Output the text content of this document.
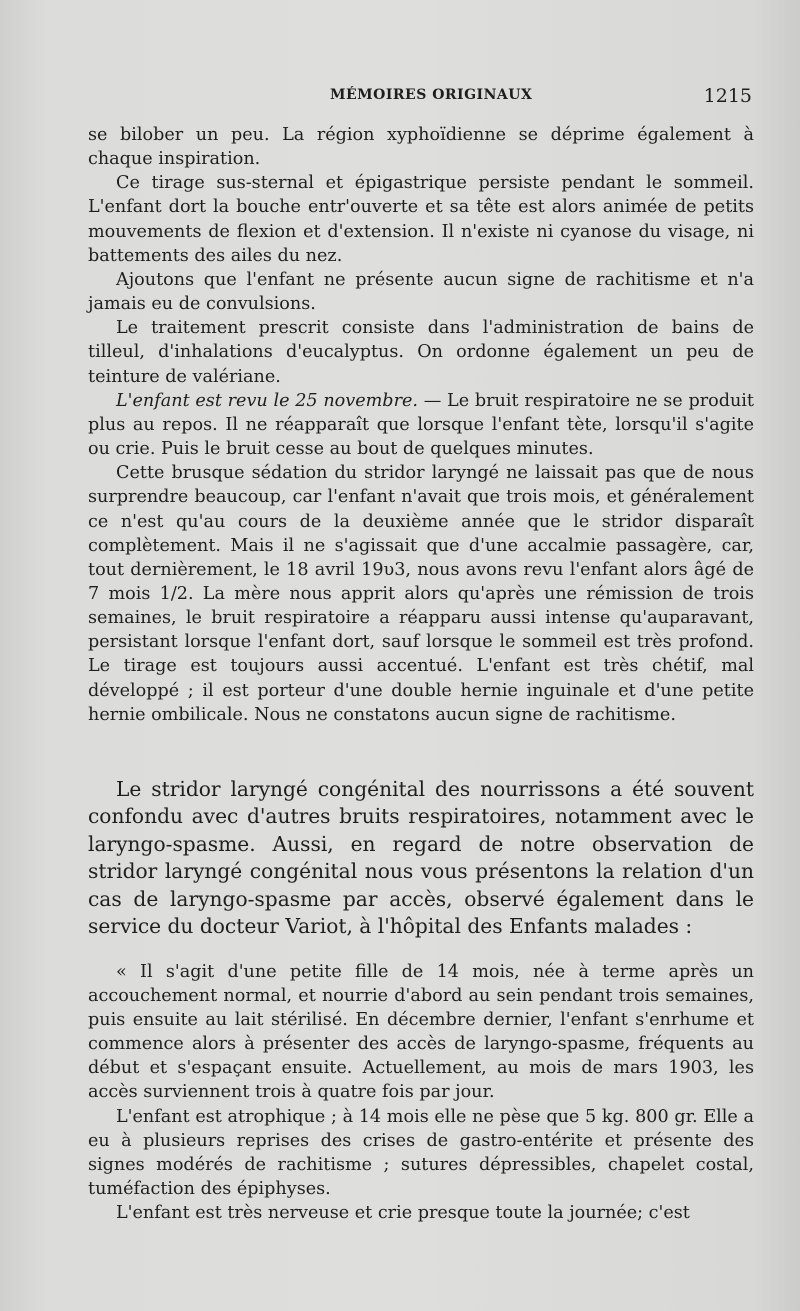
MÉMOIRES ORIGINAUX	1215

se bilober un peu. La région xyphoïdienne se déprime également à chaque inspiration.

Ce tirage sus-sternal et épigastrique persiste pendant le sommeil. L'enfant dort la bouche entr'ouverte et sa tête est alors animée de petits mouvements de flexion et d'extension. Il n'existe ni cyanose du visage, ni battements des ailes du nez.

Ajoutons que l'enfant ne présente aucun signe de rachitisme et n'a jamais eu de convulsions.

Le traitement prescrit consiste dans l'administration de bains de tilleul, d'inhalations d'eucalyptus. On ordonne également un peu de teinture de valériane.

L'enfant est revu le 25 novembre. — Le bruit respiratoire ne se produit plus au repos. Il ne réapparaît que lorsque l'enfant tète, lorsqu'il s'agite ou crie. Puis le bruit cesse au bout de quelques minutes.

Cette brusque sédation du stridor laryngé ne laissait pas que de nous surprendre beaucoup, car l'enfant n'avait que trois mois, et généralement ce n'est qu'au cours de la deuxième année que le stridor disparaît complètement. Mais il ne s'agissait que d'une accalmie passagère, car, tout dernièrement, le 18 avril 19υ3, nous avons revu l'enfant alors âgé de 7 mois 1/2. La mère nous apprit alors qu'après une rémission de trois semaines, le bruit respiratoire a réapparu aussi intense qu'auparavant, persistant lorsque l'enfant dort, sauf lorsque le sommeil est très profond. Le tirage est toujours aussi accentué. L'enfant est très chétif, mal développé ; il est porteur d'une double hernie inguinale et d'une petite hernie ombilicale. Nous ne constatons aucun signe de rachitisme.

Le stridor laryngé congénital des nourrissons a été souvent confondu avec d'autres bruits respiratoires, notamment avec le laryngo-spasme. Aussi, en regard de notre observation de stridor laryngé congénital nous vous présentons la relation d'un cas de laryngo-spasme par accès, observé également dans le service du docteur Variot, à l'hôpital des Enfants malades :

« Il s'agit d'une petite fille de 14 mois, née à terme après un accouchement normal, et nourrie d'abord au sein pendant trois semaines, puis ensuite au lait stérilisé. En décembre dernier, l'enfant s'enrhume et commence alors à présenter des accès de laryngo-spasme, fréquents au début et s'espaçant ensuite. Actuellement, au mois de mars 1903, les accès surviennent trois à quatre fois par jour.

L'enfant est atrophique ; à 14 mois elle ne pèse que 5 kg. 800 gr. Elle a eu à plusieurs reprises des crises de gastro-entérite et présente des signes modérés de rachitisme ; sutures dépressibles, chapelet costal, tuméfaction des épiphyses.

L'enfant est très nerveuse et crie presque toute la journée; c'est
